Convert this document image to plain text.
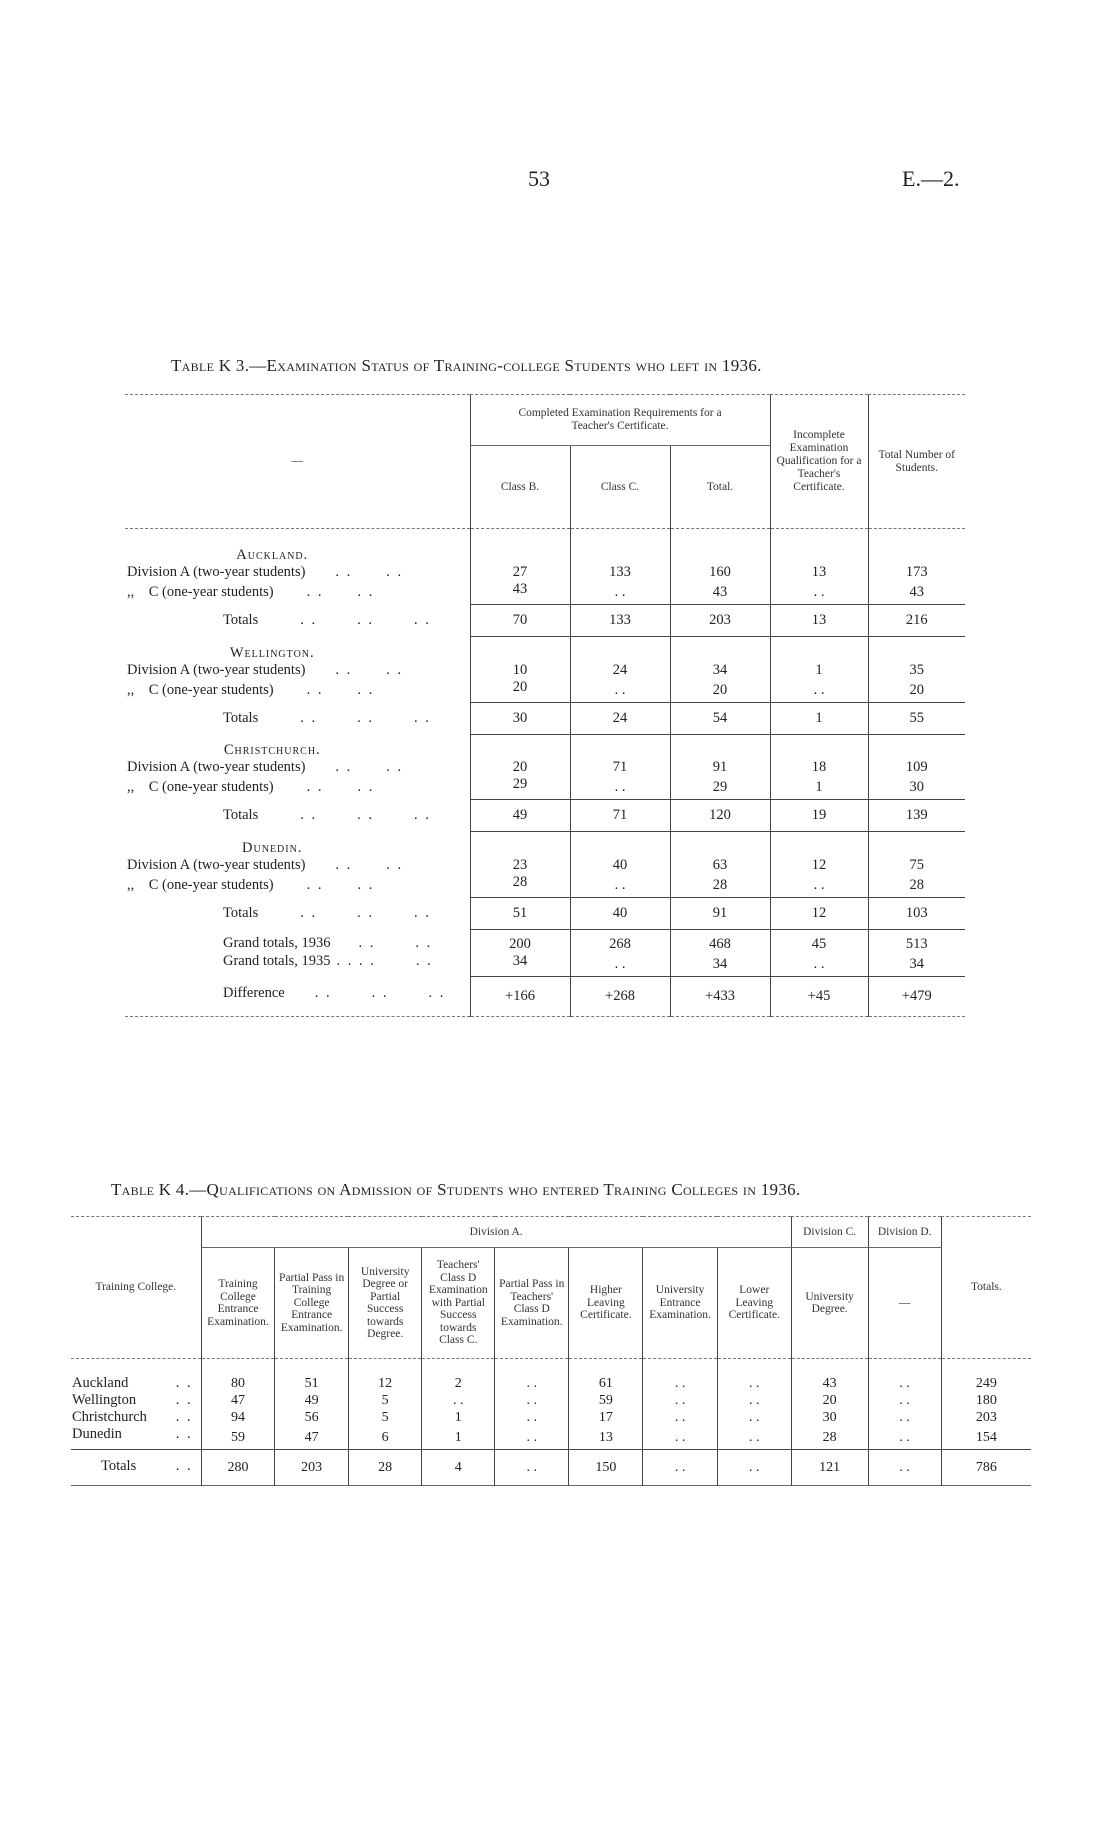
53	E.—2.
Table K 3.—Examination Status of Training-college Students who left in 1936.

—	Completed Examination Requirements for a Teacher's Certificate.			Incomplete Examination Qualification for a Teacher's Certificate.	Total Number of Students.
	Class B.	Class C.	Total.		
Auckland.					
Division A (two-year students) . . . .	27	133	160	13	173
,,    C (one-year students) . . . .	43	. .	43	. .	43
Totals . . . . . .	70	133	203	13	216
Wellington.					
Division A (two-year students) . . . .	10	24	34	1	35
,,    C (one-year students) . . . .	20	. .	20	. .	20
Totals . . . . . .	30	24	54	1	55
Christchurch.					
Division A (two-year students) . . . .	20	71	91	18	109
,,    C (one-year students) . . . .	29	. .	29	1	30
Totals . . . . . .	49	71	120	19	139
Dunedin.					
Division A (two-year students) . . . .	23	40	63	12	75
,,    C (one-year students) . . . .	28	. .	28	. .	28
Totals . . . . . .	51	40	91	12	103
Grand totals, 1936 . . . .	200	268	468	45	513
Grand totals, 1935 . . . . . .	34	. .	34	. .	34
Difference . . . . . .	+166	+268	+433	+45	+479

Table K 4.—Qualifications on Admission of Students who entered Training Colleges in 1936.

Training College.	Division A.								Division C.	Division D.	Totals.
	Training College Entrance Examination.	Partial Pass in Training College Entrance Examination.	University Degree or Partial Success towards Degree.	Teachers' Class D Examination with Partial Success towards Class C.	Partial Pass in Teachers' Class D Examination.	Higher Leaving Certificate.	University Entrance Examination.	Lower Leaving Certificate.	University Degree.	—	

Auckland . .	80	51	12	2	. .	61	. .	. .	43	. .	249
Wellington . .	47	49	5	. .	. .	59	. .	. .	20	. .	180
Christchurch . .	94	56	5	1	. .	17	. .	. .	30	. .	203
Dunedin . .	59	47	6	1	. .	13	. .	. .	28	. .	154
Totals . .	280	203	28	4	. .	150	. .	. .	121	. .	786
